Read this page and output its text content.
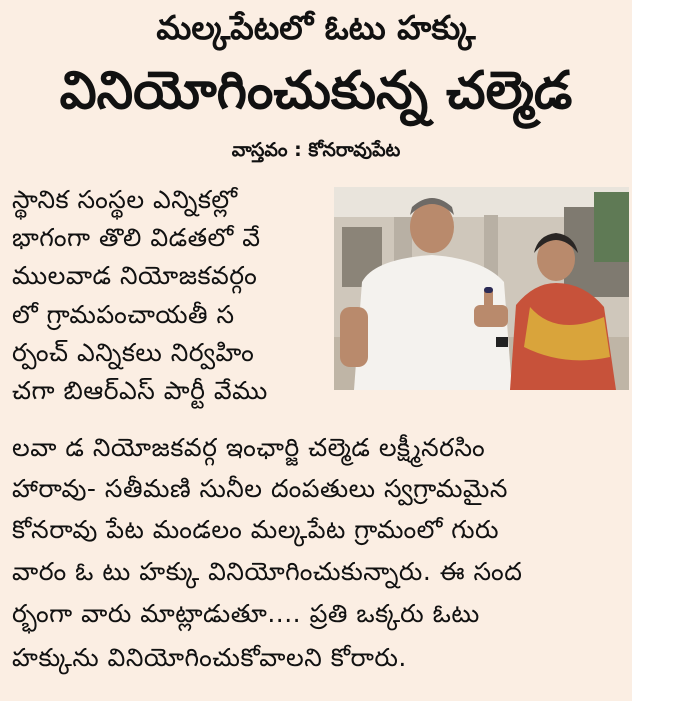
మల్కపేటలో ఓటు హక్కు
వినియోగించుకున్న చల్మెడ
వాస్తవం : కోనరావుపేట
స్థానిక సంస్థల ఎన్నికల్లో
భాగంగా తొలి విడతలో వే
ములవాడ నియోజకవర్గం
లో గ్రామపంచాయతీ స
ర్పంచ్ ఎన్నికలు నిర్వహిం
చగా బిఆర్ఎస్ పార్టీ వేము
లవా డ నియోజకవర్గ ఇంఛార్జి చల్మెడ లక్ష్మీనరసిం
హారావు- సతీమణి సునీల దంపతులు స్వగ్రామమైన
కోనరావు పేట మండలం మల్కపేట గ్రామంలో గురు
వారం ఓ టు హక్కు వినియోగించుకున్నారు. ఈ సంద
ర్భంగా వారు మాట్లాడుతూ.... ప్రతి ఒక్కరు ఓటు
హక్కును వినియోగించుకోవాలని కోరారు.
